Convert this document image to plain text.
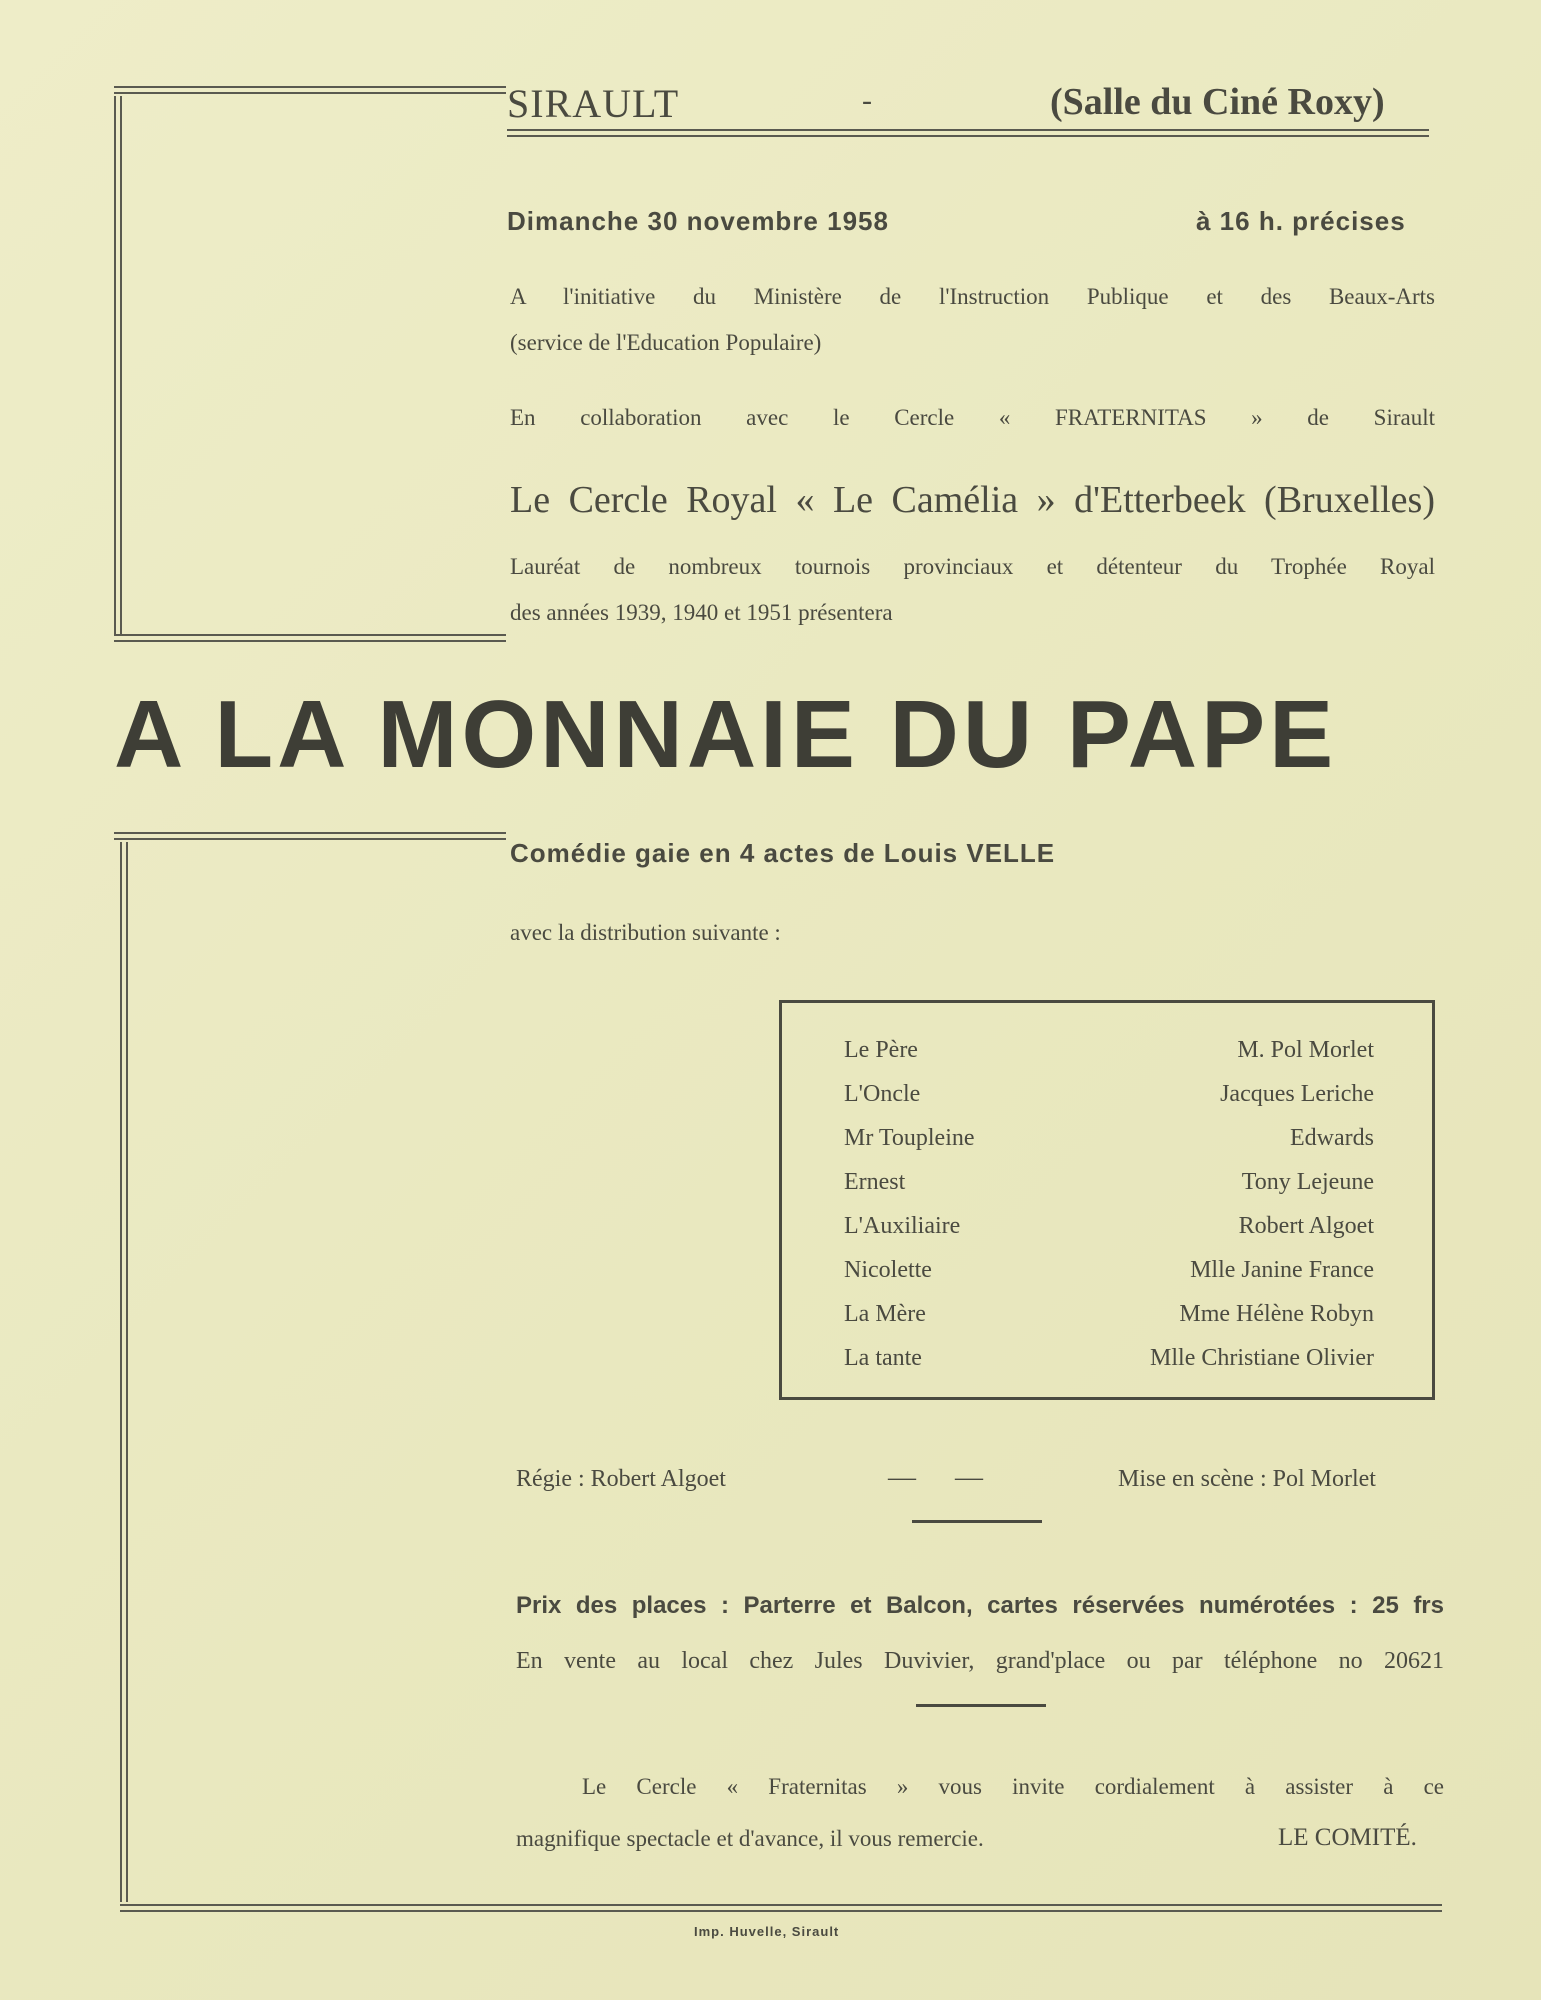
SIRAULT	-	(Salle du Ciné Roxy)
Dimanche 30 novembre 1958	à 16 h. précises
A l'initiative du Ministère de l'Instruction Publique et des Beaux-Arts
(service de l'Education Populaire)
En collaboration avec le Cercle « FRATERNITAS » de Sirault
Le Cercle Royal « Le Camélia » d'Etterbeek (Bruxelles)
Lauréat de nombreux tournois provinciaux et détenteur du Trophée Royal
des années 1939, 1940 et 1951 présentera
A LA MONNAIE DU PAPE
Comédie gaie en 4 actes de Louis VELLE
avec la distribution suivante :
Le Père	M. Pol Morlet
L'Oncle	Jacques Leriche
Mr Toupleine	Edwards
Ernest	Tony Lejeune
L'Auxiliaire	Robert Algoet
Nicolette	Mlle Janine France
La Mère	Mme Hélène Robyn
La tante	Mlle Christiane Olivier
Régie : Robert Algoet	— —	Mise en scène : Pol Morlet
Prix des places : Parterre et Balcon, cartes réservées numérotées : 25 frs
En vente au local chez Jules Duvivier, grand'place ou par téléphone no 20621
Le Cercle « Fraternitas » vous invite cordialement à assister à ce
magnifique spectacle et d'avance, il vous remercie.	LE COMITÉ.
Imp. Huvelle, Sirault
